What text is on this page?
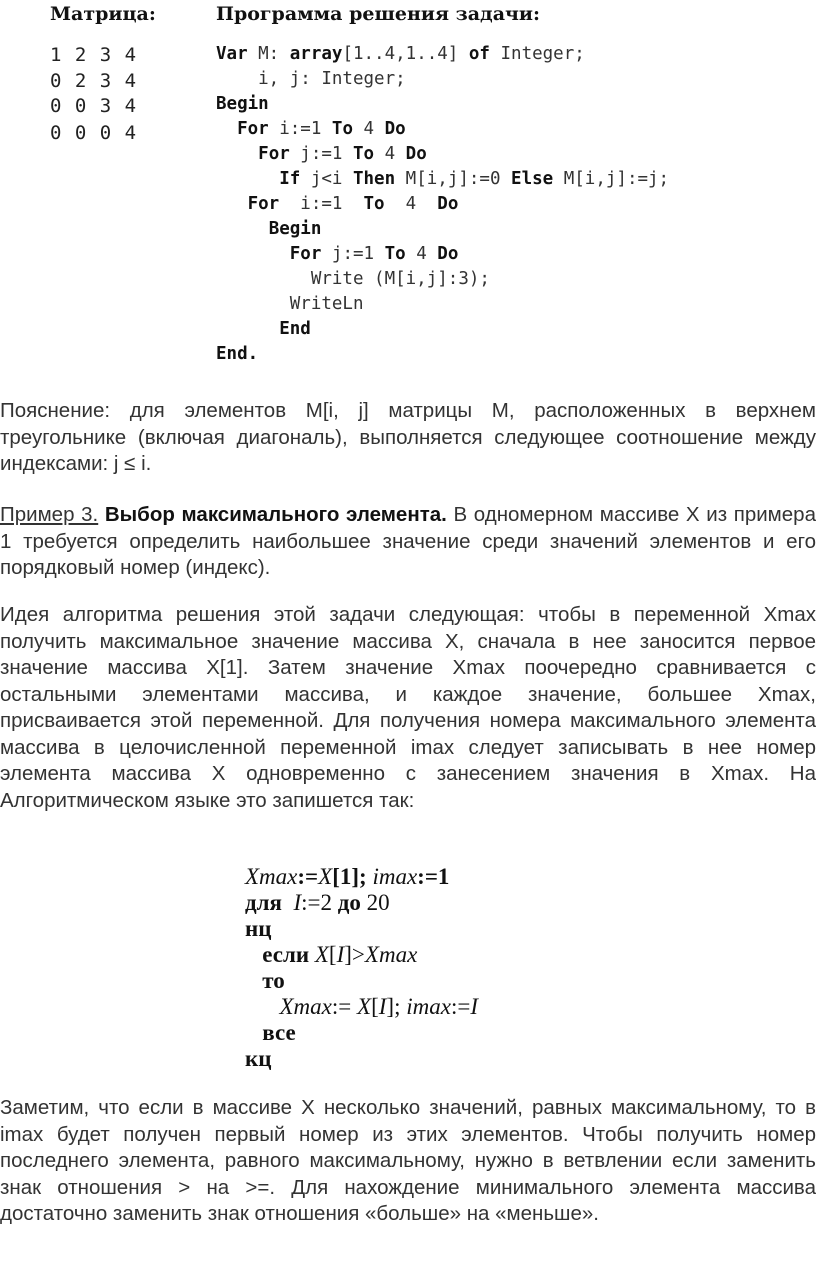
Матрица:	Программа решения задачи:
1 2 3 4
0 2 3 4
0 0 3 4
0 0 0 4
Var M: array[1..4,1..4] of Integer;
i, j: Integer;
Begin
For i:=1 To 4 Do
For j:=1 To 4 Do
If j<i Then M[i,j]:=0 Else M[i,j]:=j;
For  i:=1  To  4  Do
Begin
For j:=1 To 4 Do
Write (M[i,j]:3);
WriteLn
End
End.
Пояснение: для элементов M[i, j] матрицы M, расположенных в верхнем треугольнике (включая диагональ), выполняется следующее соотношение между индексами: j ≤ i.
Пример 3. Выбор максимального элемента. В одномерном массиве X из примера 1 требуется определить наибольшее значение среди значений элементов и его порядковый номер (индекс).
Идея алгоритма решения этой задачи следующая: чтобы в переменной Xmax получить максимальное значение массива X, сначала в нее заносится первое значение массива X[1]. Затем значение Xmax поочередно сравнивается с остальными элементами массива, и каждое значение, большее Xmax, присваивается этой переменной. Для получения номера максимального элемента массива в целочисленной переменной imax следует записывать в нее номер элемента массива X одновременно с занесением значения в Xmax. На Алгоритмическом языке это запишется так:
Xmax:=X[1]; imax:=1
для I:=2 до 20
нц
если X[I]>Xmax
то
Xmax:= X[I]; imax:=I
все
кц
Заметим, что если в массиве X несколько значений, равных максимальному, то в imax будет получен первый номер из этих элементов. Чтобы получить номер последнего элемента, равного максимальному, нужно в ветвлении если заменить знак отношения > на >=. Для нахождение минимального элемента массива достаточно заменить знак отношения «больше» на «меньше».
